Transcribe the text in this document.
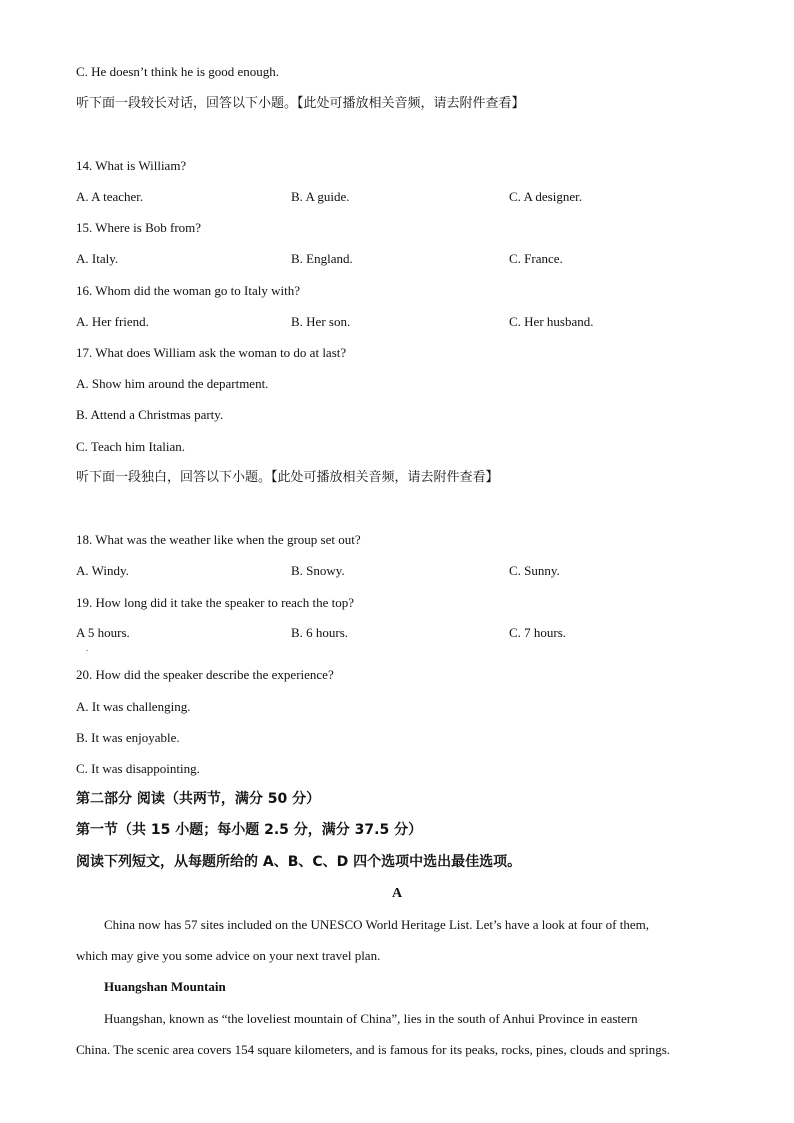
C. He doesn’t think he is good enough.
听下面一段较长对话，回答以下小题。【此处可播放相关音频，请去附件查看】
14. What is William?
A. A teacher.	B. A guide.	C. A designer.
15. Where is Bob from?
A. Italy.	B. England.	C. France.
16. Whom did the woman go to Italy with?
A. Her friend.	B. Her son.	C. Her husband.
17. What does William ask the woman to do at last?
A. Show him around the department.
B. Attend a Christmas party.
C. Teach him Italian.
听下面一段独白，回答以下小题。【此处可播放相关音频，请去附件查看】
18. What was the weather like when the group set out?
A. Windy.	B. Snowy.	C. Sunny.
19. How long did it take the speaker to reach the top?
A 5 hours.
.
B. 6 hours.	C. 7 hours.
20. How did the speaker describe the experience?
A. It was challenging.
B. It was enjoyable.
C. It was disappointing.
第二部分 阅读（共两节，满分 50 分）
第一节（共 15 小题；每小题 2.5 分，满分 37.5 分）
阅读下列短文，从每题所给的 A、B、C、D 四个选项中选出最佳选项。
A
China now has 57 sites included on the UNESCO World Heritage List. Let’s have a look at four of them,
which may give you some advice on your next travel plan.
Huangshan Mountain
Huangshan, known as “the loveliest mountain of China”, lies in the south of Anhui Province in eastern
China. The scenic area covers 154 square kilometers, and is famous for its peaks, rocks, pines, clouds and springs.
